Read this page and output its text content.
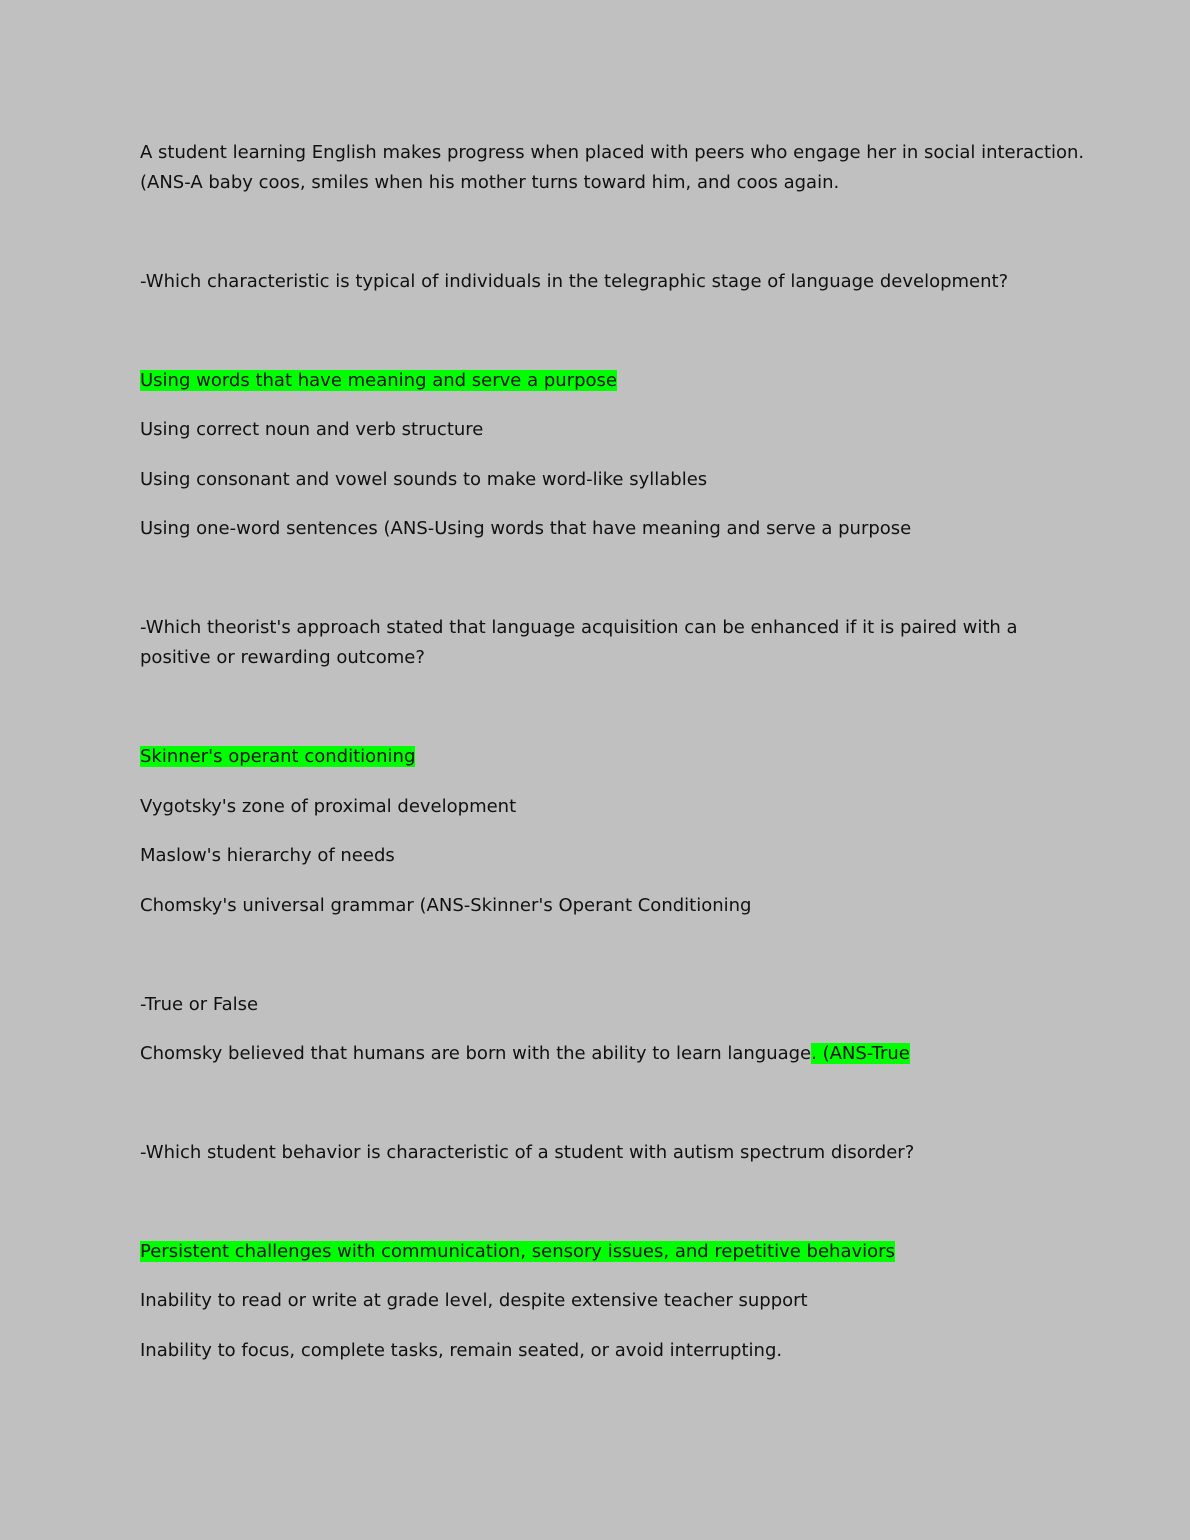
A student learning English makes progress when placed with peers who engage her in social interaction.

(ANS-A baby coos, smiles when his mother turns toward him, and coos again.

-Which characteristic is typical of individuals in the telegraphic stage of language development?

Using words that have meaning and serve a purpose

Using correct noun and verb structure

Using consonant and vowel sounds to make word-like syllables

Using one-word sentences (ANS-Using words that have meaning and serve a purpose

-Which theorist's approach stated that language acquisition can be enhanced if it is paired with a

positive or rewarding outcome?

Skinner's operant conditioning

Vygotsky's zone of proximal development

Maslow's hierarchy of needs

Chomsky's universal grammar (ANS-Skinner's Operant Conditioning

-True or False

Chomsky believed that humans are born with the ability to learn language. (ANS-True

-Which student behavior is characteristic of a student with autism spectrum disorder?

Persistent challenges with communication, sensory issues, and repetitive behaviors

Inability to read or write at grade level, despite extensive teacher support

Inability to focus, complete tasks, remain seated, or avoid interrupting.
